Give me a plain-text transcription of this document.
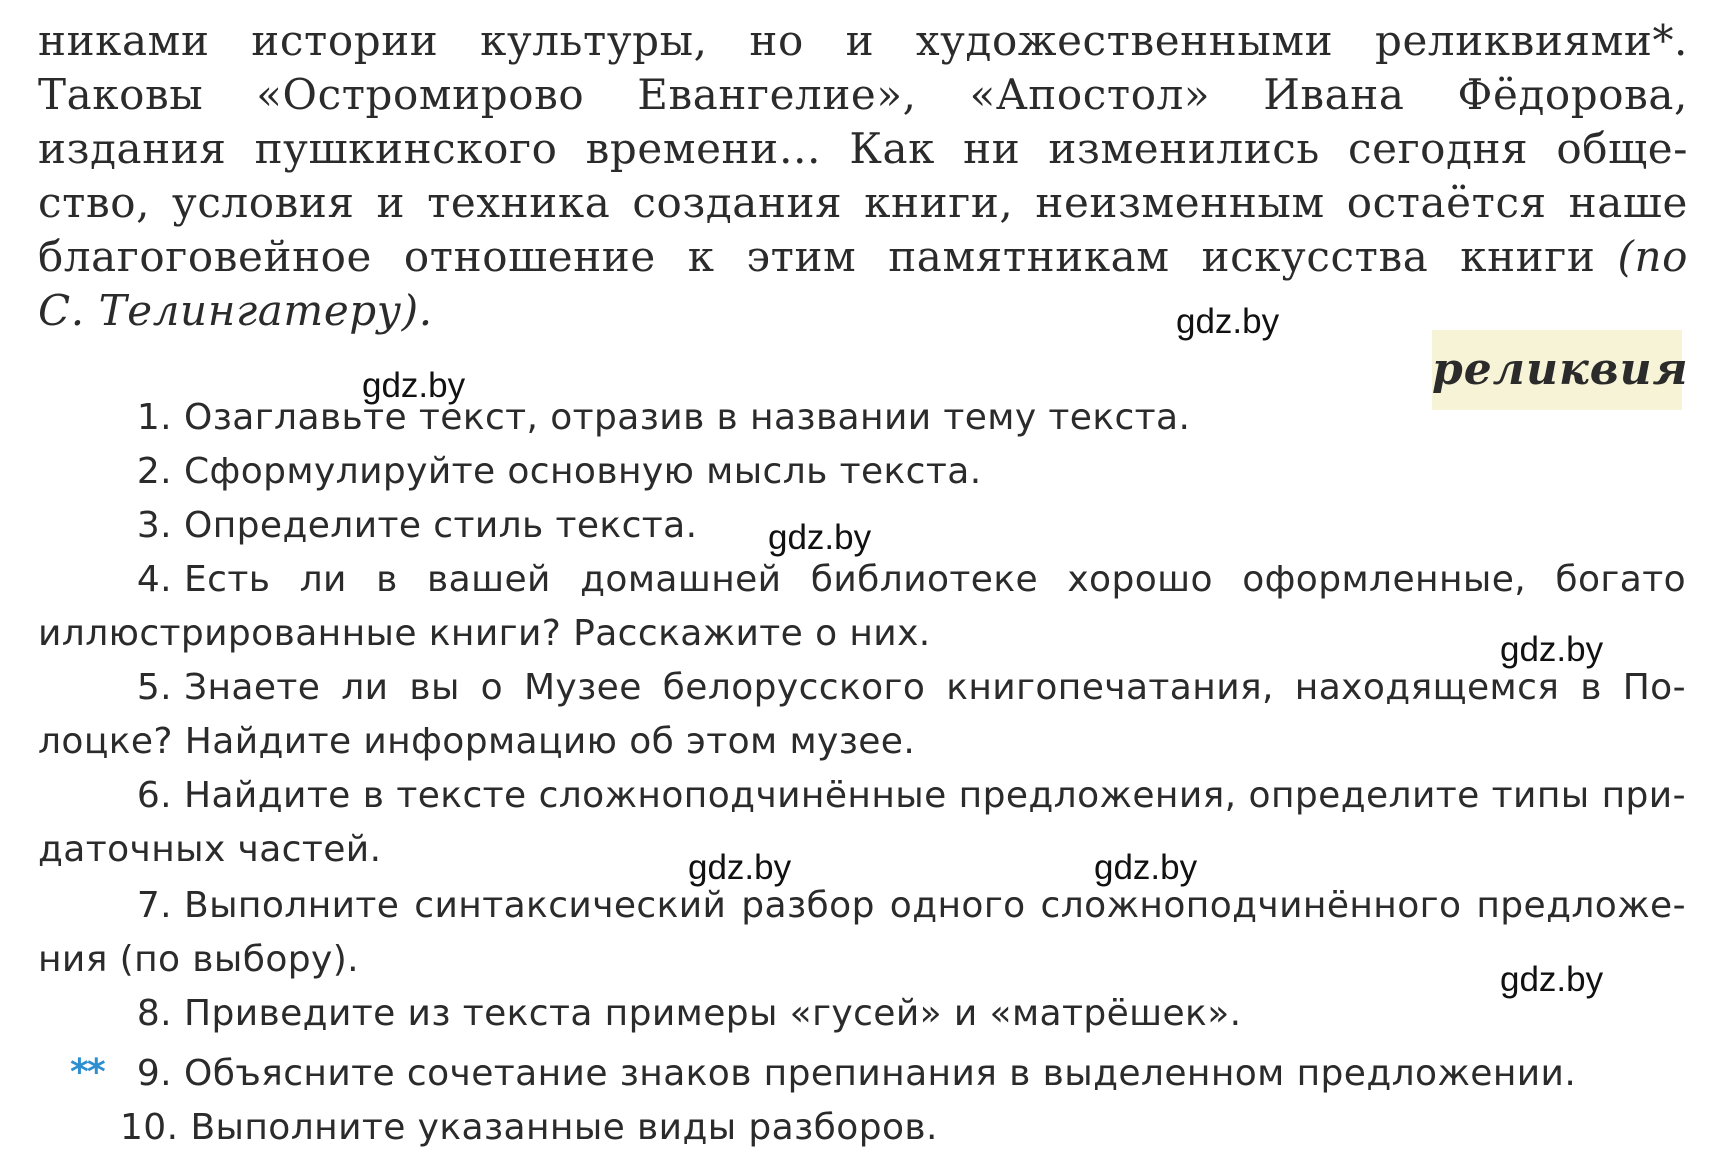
никами истории культуры, но и художественными реликвиями*.
Таковы «Остромирово Евангелие», «Апостол» Ивана Фёдорова,
издания пушкинского времени… Как ни изменились сегодня обще-
ство, условия и техника создания книги, неизменным остаётся наше
благоговейное отношение к этим памятникам искусства книги (по
С. Телингатеру).
реликвия
1. Озаглавьте текст, отразив в названии тему текста.
2. Сформулируйте основную мысль текста.
3. Определите стиль текста.
4. Есть ли в вашей домашней библиотеке хорошо оформленные, богато
иллюстрированные книги? Расскажите о них.
5. Знаете ли вы о Музее белорусского книгопечатания, находящемся в По-
лоцке? Найдите информацию об этом музее.
6. Найдите в тексте сложноподчинённые предложения, определите типы при-
даточных частей.
7. Выполните синтаксический разбор одного сложноподчинённого предложе-
ния (по выбору).
8. Приведите из текста примеры «гусей» и «матрёшек».
** 9. Объясните сочетание знаков препинания в выделенном предложении.
10. Выполните указанные виды разборов.
gdz.by
gdz.by
gdz.by
gdz.by
gdz.by	gdz.by
gdz.by
